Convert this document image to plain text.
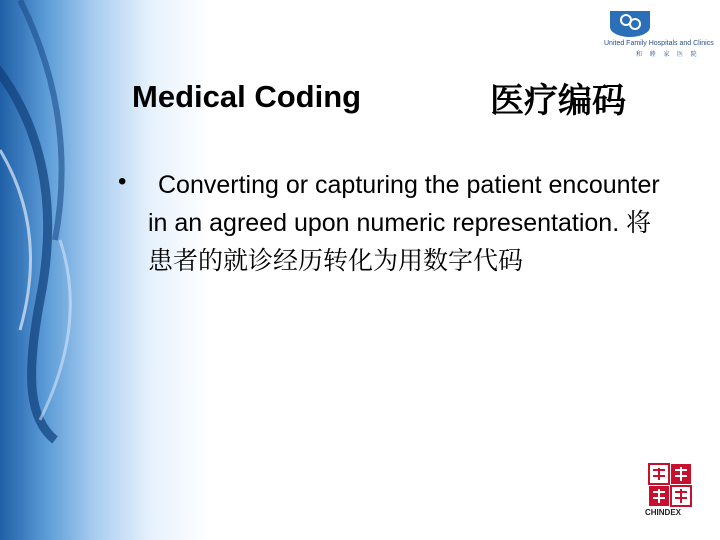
Medical Coding	医疗编码
•	Converting or capturing the patient encounter in an agreed upon numeric representation. 将患者的就诊经历转化为用数字代码
United Family Hospitals and Clinics
和 睦 家 医 院
CHINDEX
